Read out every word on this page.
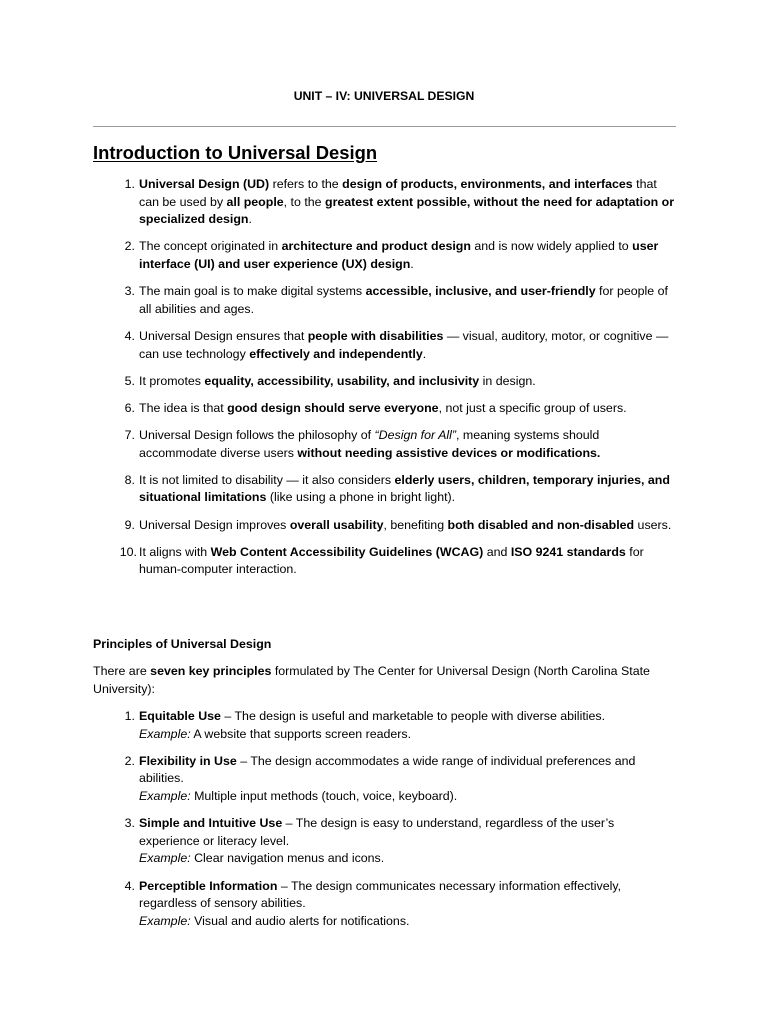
UNIT – IV: UNIVERSAL DESIGN
Introduction to Universal Design
1. Universal Design (UD) refers to the design of products, environments, and interfaces that can be used by all people, to the greatest extent possible, without the need for adaptation or specialized design.
2. The concept originated in architecture and product design and is now widely applied to user interface (UI) and user experience (UX) design.
3. The main goal is to make digital systems accessible, inclusive, and user-friendly for people of all abilities and ages.
4. Universal Design ensures that people with disabilities — visual, auditory, motor, or cognitive — can use technology effectively and independently.
5. It promotes equality, accessibility, usability, and inclusivity in design.
6. The idea is that good design should serve everyone, not just a specific group of users.
7. Universal Design follows the philosophy of “Design for All”, meaning systems should accommodate diverse users without needing assistive devices or modifications.
8. It is not limited to disability — it also considers elderly users, children, temporary injuries, and situational limitations (like using a phone in bright light).
9. Universal Design improves overall usability, benefiting both disabled and non-disabled users.
10. It aligns with Web Content Accessibility Guidelines (WCAG) and ISO 9241 standards for human-computer interaction.
Principles of Universal Design

There are seven key principles formulated by The Center for Universal Design (North Carolina State University):

1. Equitable Use – The design is useful and marketable to people with diverse abilities.
Example: A website that supports screen readers.
2. Flexibility in Use – The design accommodates a wide range of individual preferences and abilities.
Example: Multiple input methods (touch, voice, keyboard).
3. Simple and Intuitive Use – The design is easy to understand, regardless of the user’s experience or literacy level.
Example: Clear navigation menus and icons.
4. Perceptible Information – The design communicates necessary information effectively, regardless of sensory abilities.
Example: Visual and audio alerts for notifications.
